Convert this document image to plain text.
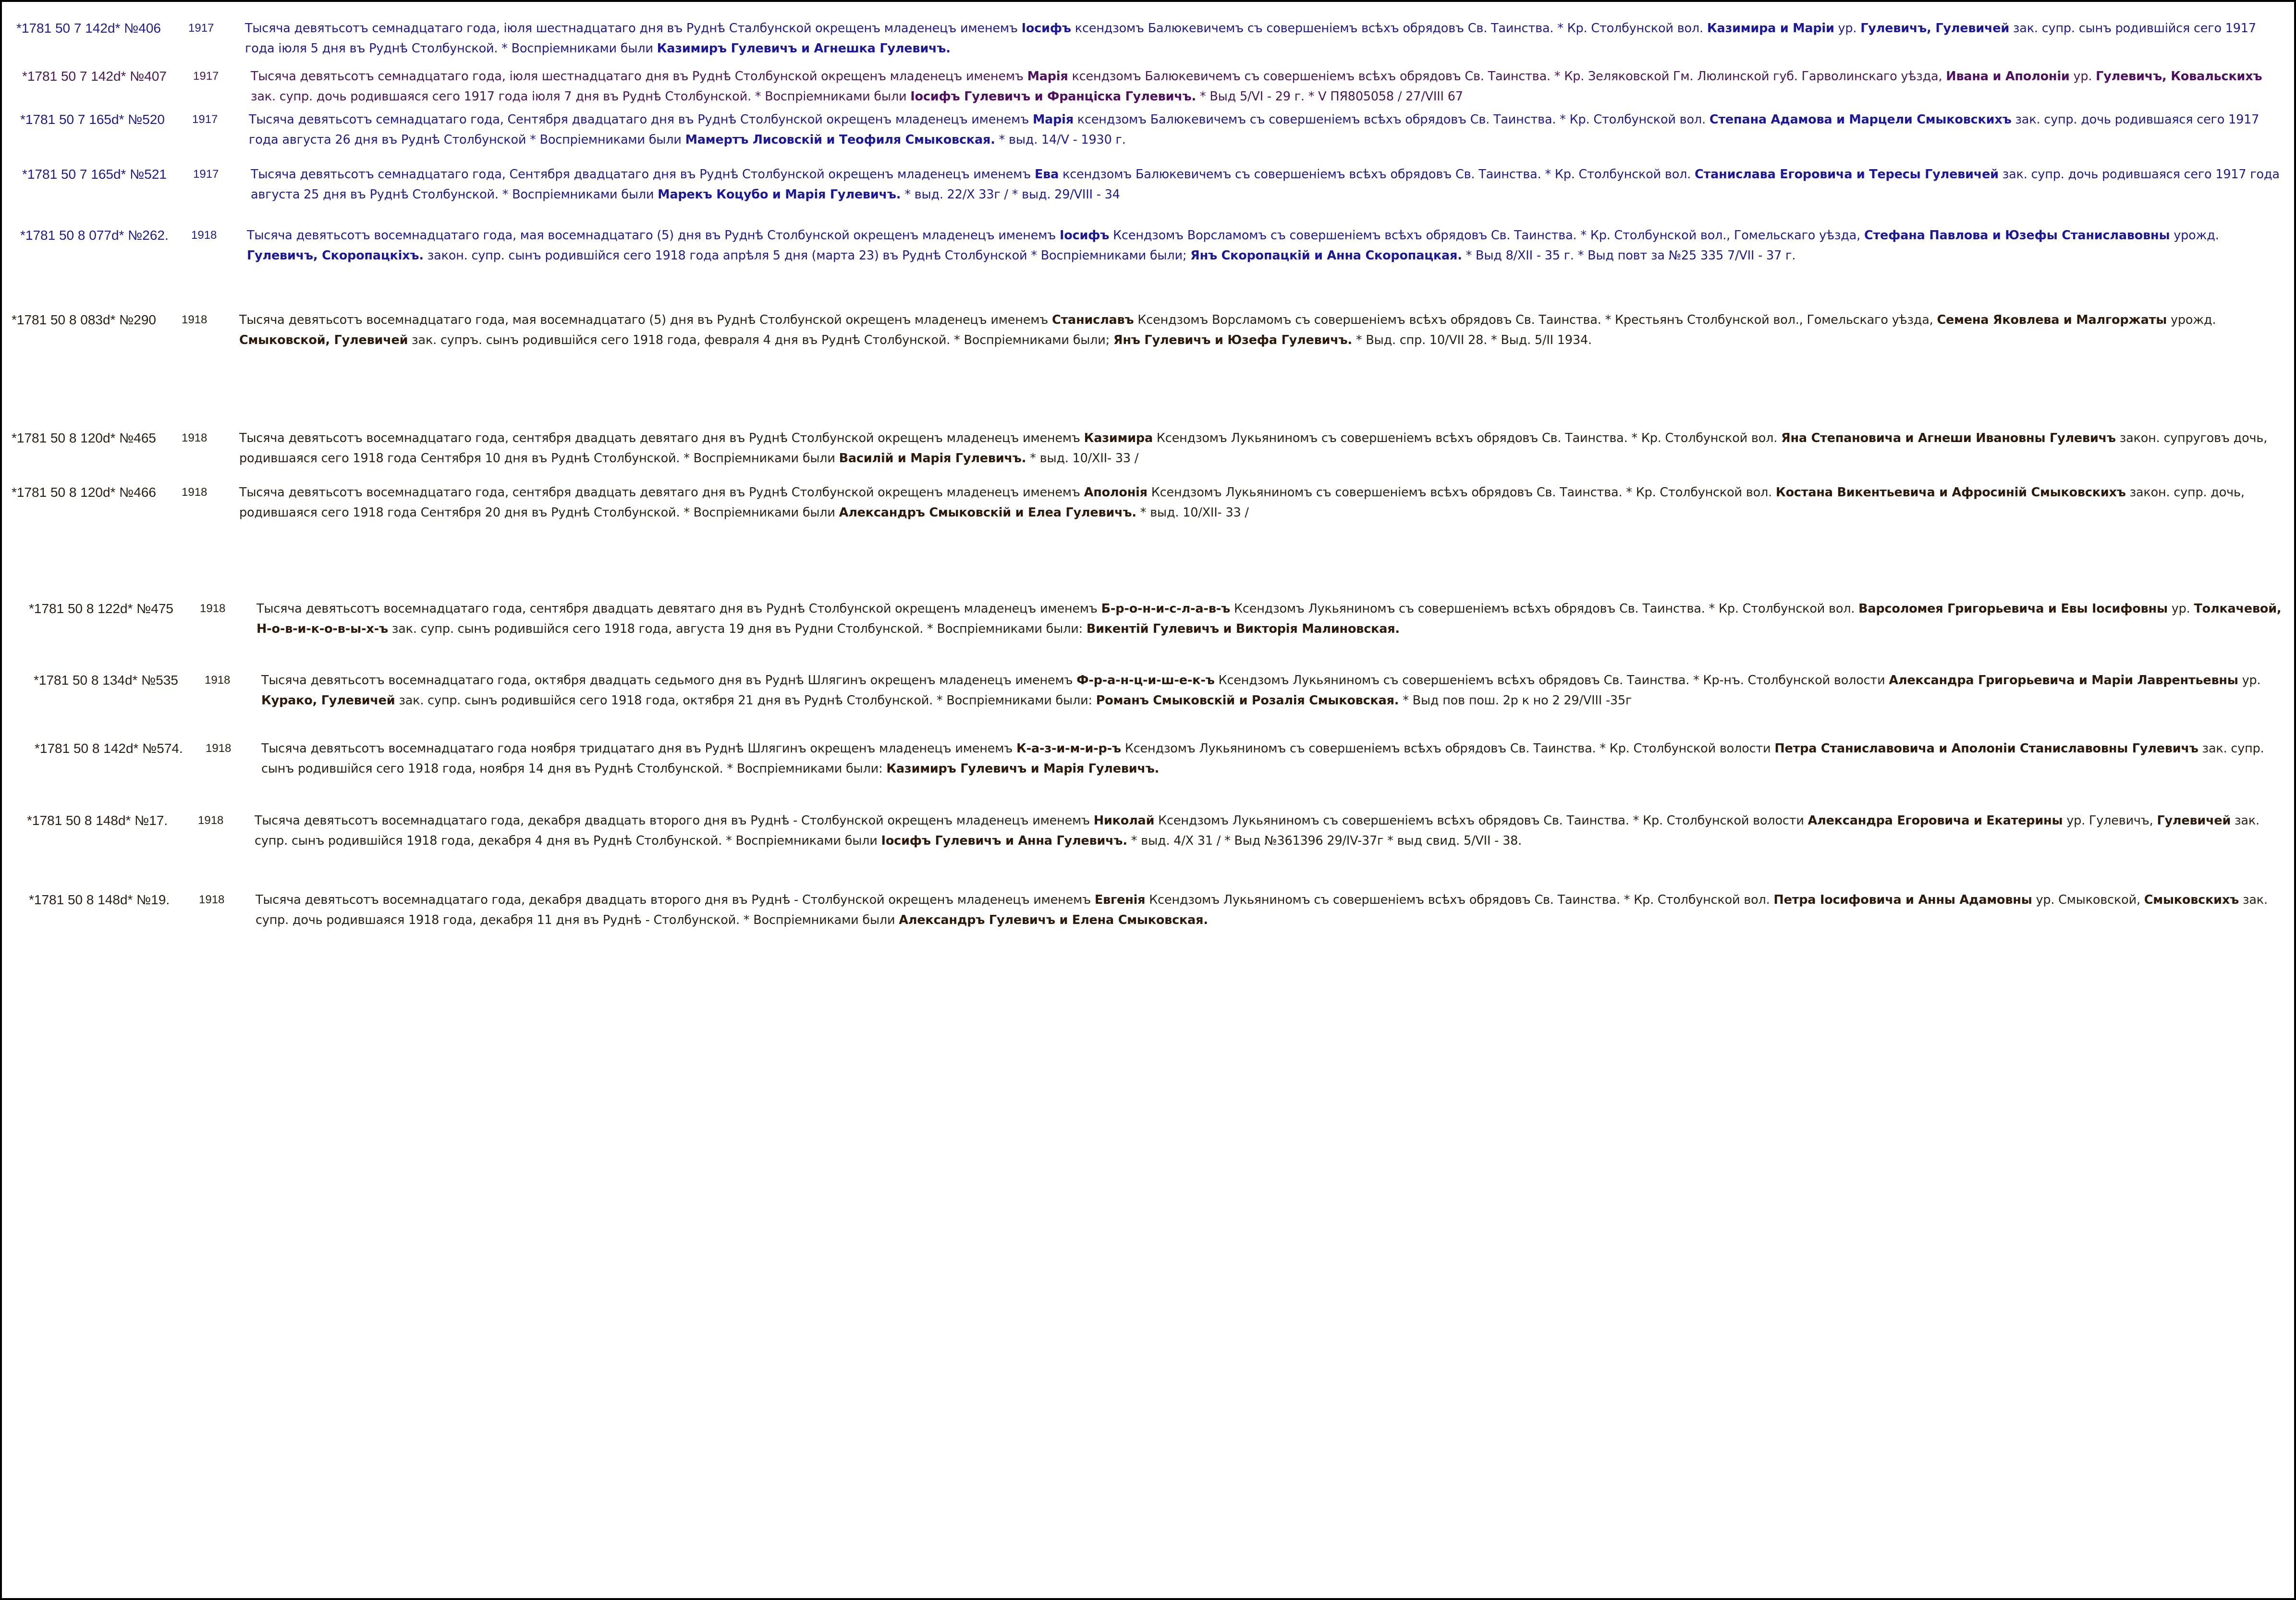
*1781 50 7 142d* №406 1917	Тысяча девятьсотъ семнадцатаго года, іюля шестнадцатаго дня въ Руднѣ Сталбунской окрещенъ младенецъ именемъ Іосифъ ксендзомъ Балюкевичемъ съ совершеніемъ всѣхъ обрядовъ Св. Таинства. * Кр. Столбунской вол. Казимира и Маріи ур. Гулевичъ, Гулевичей зак. супр. сынъ родившійся сего 1917 года іюля 5 дня въ Руднѣ Столбунской. * Воспріемниками были Казимиръ Гулевичъ и Агнешка Гулевичъ.
*1781 50 7 142d* №407 1917	Тысяча девятьсотъ семнадцатаго года, іюля шестнадцатаго дня въ Руднѣ Столбунской окрещенъ младенецъ именемъ Марія ксендзомъ Балюкевичемъ съ совершеніемъ всѣхъ обрядовъ Св. Таинства. * Кр. Зеляковской Гм. Люлинской губ. Гарволинскаго уѣзда, Ивана и Аполоніи ур. Гулевичъ, Ковальскихъ зак. супр. дочь родившаяся сего 1917 года іюля 7 дня въ Руднѣ Столбунской. * Воспріемниками были Іосифъ Гулевичъ и Францiска Гулевичъ. * Выд 5/VI - 29 г. * V ПЯ805058 / 27/VIII 67
*1781 50 7 165d* №520 1917	Тысяча девятьсотъ семнадцатаго года, Сентября двадцатаго дня въ Руднѣ Столбунской окрещенъ младенецъ именемъ Марія ксендзомъ Балюкевичемъ съ совершеніемъ всѣхъ обрядовъ Св. Таинства. * Кр. Столбунской вол. Степана Адамова и Марцели Смыковскихъ зак. супр. дочь родившаяся сего 1917 года августа 26 дня въ Руднѣ Столбунской * Воспріемниками были Мамертъ Лисовскій и Теофиля Смыковская. * выд. 14/V - 1930 г.
*1781 50 7 165d* №521 1917	Тысяча девятьсотъ семнадцатаго года, Сентября двадцатаго дня въ Руднѣ Столбунской окрещенъ младенецъ именемъ Ева ксендзомъ Балюкевичемъ съ совершеніемъ всѣхъ обрядовъ Св. Таинства. * Кр. Столбунской вол. Станислава Егоровича и Тересы Гулевичей зак. супр. дочь родившаяся сего 1917 года августа 25 дня въ Руднѣ Столбунской. * Воспріемниками были Марекъ Коцубо и Марія Гулевичъ. * выд. 22/X 33г / * выд. 29/VIII - 34
*1781 50 8 077d* №262. 1918 Тысяча девятьсотъ восемнадцатаго года, мая восемнадцатаго (5) дня въ Руднѣ Столбунской окрещенъ младенецъ именемъ Іосифъ Ксендзомъ Ворсламомъ съ совершеніемъ всѣхъ обрядовъ Св. Таинства. * Кр. Столбунской вол., Гомельскаго уѣзда, Стефана Павлова и Юзефы Станиславовны урожд. Гулевичъ, Скоропацкіхъ. закон. супр. сынъ родившійся сего 1918 года апрѣля 5 дня (марта 23) въ Руднѣ Столбунской * Воспріемниками были; Янъ Скоропацкій и Анна Скоропацкая. * Выд 8/XII - 35 г. * Выд повт за №25 335 7/VII - 37 г.
*1781 50 8 083d* №290 1918	Тысяча девятьсотъ восемнадцатаго года, мая восемнадцатаго (5) дня въ Руднѣ Столбунской окрещенъ младенецъ именемъ Станиславъ Ксендзомъ Ворсламомъ съ совершеніемъ всѣхъ обрядовъ Св. Таинства. * Крестьянъ Столбунской вол., Гомельскаго уѣзда, Семена Яковлева и Малгоржаты урожд. Смыковской, Гулевичей зак. супръ. сынъ родившійся сего 1918 года, февраля 4 дня въ Руднѣ Столбунской. * Воспріемниками были; Янъ Гулевичъ и Юзефа Гулевичъ. * Выд. спр. 10/VII 28. * Выд. 5/II 1934.
*1781 50 8 120d* №465 1918	Тысяча девятьсотъ восемнадцатаго года, сентября двадцать девятаго дня въ Руднѣ Столбунской окрещенъ младенецъ именемъ Казимира Ксендзомъ Лукьяниномъ съ совершеніемъ всѣхъ обрядовъ Св. Таинства. * Кр. Столбунской вол. Яна Степановича и Агнеши Ивановны Гулевичъ закон. супруговъ дочь, родившаяся сего 1918 года Сентября 10 дня въ Руднѣ Столбунской. * Воспріемниками были Василій и Марія Гулевичъ. * выд. 10/XII- 33 /
*1781 50 8 120d* №466 1918	Тысяча девятьсотъ восемнадцатаго года, сентября двадцать девятаго дня въ Руднѣ Столбунской окрещенъ младенецъ именемъ Аполонія Ксендзомъ Лукьяниномъ съ совершеніемъ всѣхъ обрядовъ Св. Таинства. * Кр. Столбунской вол. Костана Викентьевича и Афросиній Смыковскихъ закон. супр. дочь, родившаяся сего 1918 года Сентября 20 дня въ Руднѣ Столбунской. * Воспріемниками были Александръ Смыковскій и Елеа Гулевичъ. * выд. 10/XII- 33 /
*1781 50 8 122d* №475 1918	Тысяча девятьсотъ восемнадцатаго года, сентября двадцать девятаго дня въ Руднѣ Столбунской окрещенъ младенецъ именемъ Б-р-о-н-и-с-л-а-в-ъ Ксендзомъ Лукьяниномъ съ совершеніемъ всѣхъ обрядовъ Св. Таинства. * Кр. Столбунской вол. Варсоломея Григорьевича и Евы Іосифовны ур. Толкачевой, Н-о-в-и-к-о-в-ы-х-ъ зак. супр. сынъ родившійся сего 1918 года, августа 19 дня въ Рудни Столбунской. * Воспріемниками были: Викентій Гулевичъ и Викторія Малиновская.
*1781 50 8 134d* №535 1918	Тысяча девятьсотъ восемнадцатаго года, октября двадцать седьмого дня въ Руднѣ Шлягинъ окрещенъ младенецъ именемъ Ф-р-а-н-ц-и-ш-е-к-ъ Ксендзомъ Лукьяниномъ съ совершеніемъ всѣхъ обрядовъ Св. Таинства. * Кр-нъ. Столбунской волости Александра Григорьевича и Маріи Лаврентьевны ур. Курако, Гулевичей зак. супр. сынъ родившійся сего 1918 года, октября 21 дня въ Руднѣ Столбунской. * Воспріемниками были: Романъ Смыковскій и Розалія Смыковская. * Выд пов пош. 2р к но 2 29/VIII -35г
*1781 50 8 142d* №574. 1918 Тысяча девятьсотъ восемнадцатаго года ноября тридцатаго дня въ Руднѣ Шлягинъ окрещенъ младенецъ именемъ К-а-з-и-м-и-р-ъ Ксендзомъ Лукьяниномъ съ совершеніемъ всѣхъ обрядовъ Св. Таинства. * Кр. Столбунской волости Петра Станиславовича и Аполоніи Станиславовны Гулевичъ зак. супр. сынъ родившійся сего 1918 года, ноября 14 дня въ Руднѣ Столбунской. * Воспріемниками были: Казимиръ Гулевичъ и Марія Гулевичъ.
*1781 50 8 148d* №17.	1918	Тысяча девятьсотъ восемнадцатаго года, декабря двадцать второго дня въ Руднѣ - Столбунской окрещенъ младенецъ именемъ Николай Ксендзомъ Лукьяниномъ съ совершеніемъ всѣхъ обрядовъ Св. Таинства. * Кр. Столбунской волости Александра Егоровича и Екатерины ур. Гулевичъ, Гулевичей зак. супр. сынъ родившійся 1918 года, декабря 4 дня въ Руднѣ Столбунской. * Воспріемниками были Іосифъ Гулевичъ и Анна Гулевичъ. * выд. 4/X 31 / * Выд №361396 29/IV-37г * выд свид. 5/VII - 38.
*1781 50 8 148d* №19.	1918	Тысяча девятьсотъ восемнадцатаго года, декабря двадцать второго дня въ Руднѣ - Столбунской окрещенъ младенецъ именемъ Евгенія Ксендзомъ Лукьяниномъ съ совершеніемъ всѣхъ обрядовъ Св. Таинства. * Кр. Столбунской вол. Петра Іосифовича и Анны Адамовны ур. Смыковской, Смыковскихъ зак. супр. дочь родившаяся 1918 года, декабря 11 дня въ Руднѣ - Столбунской. * Воспріемниками были Александръ Гулевичъ и Елена Смыковская.
